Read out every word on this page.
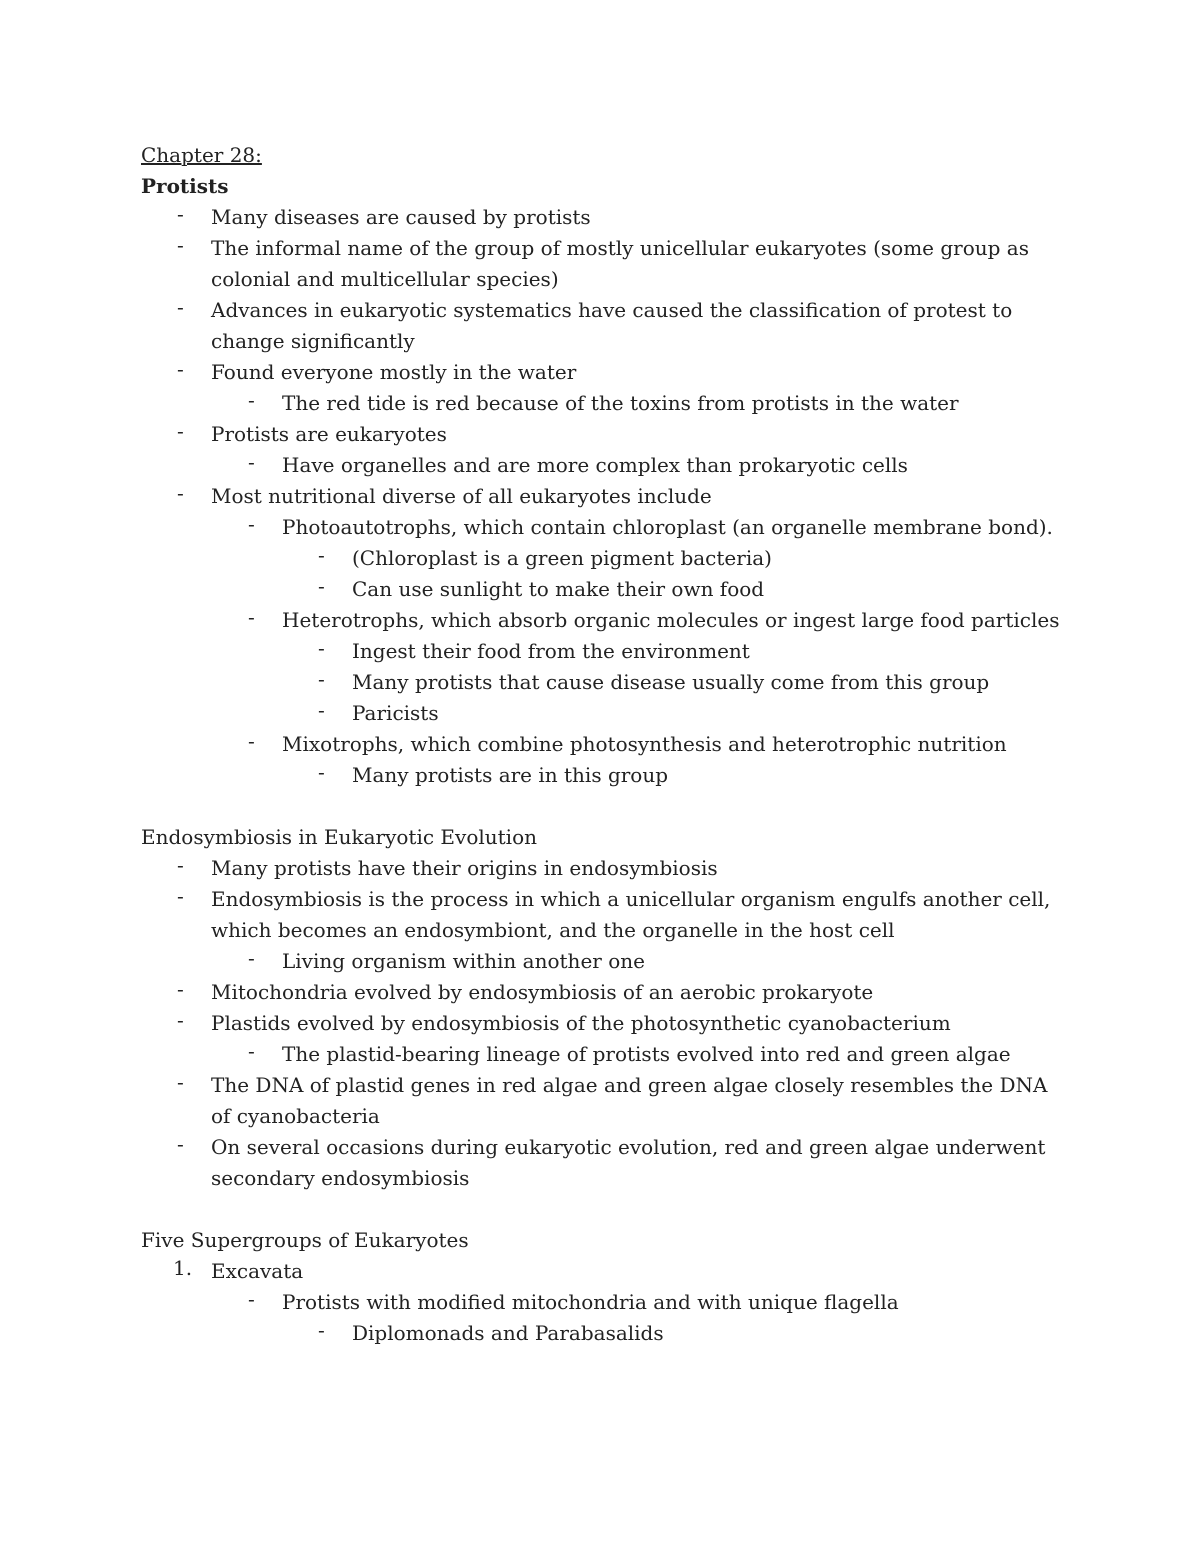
Chapter 28:
Protists
- Many diseases are caused by protists
- The informal name of the group of mostly unicellular eukaryotes (some group as colonial and multicellular species)
- Advances in eukaryotic systematics have caused the classification of protest to change significantly
- Found everyone mostly in the water
- The red tide is red because of the toxins from protists in the water
- Protists are eukaryotes
- Have organelles and are more complex than prokaryotic cells
- Most nutritional diverse of all eukaryotes include
- Photoautotrophs, which contain chloroplast (an organelle membrane bond).
- (Chloroplast is a green pigment bacteria)
- Can use sunlight to make their own food
- Heterotrophs, which absorb organic molecules or ingest large food particles
- Ingest their food from the environment
- Many protists that cause disease usually come from this group
- Paricists
- Mixotrophs, which combine photosynthesis and heterotrophic nutrition
- Many protists are in this group
Endosymbiosis in Eukaryotic Evolution
- Many protists have their origins in endosymbiosis
- Endosymbiosis is the process in which a unicellular organism engulfs another cell, which becomes an endosymbiont, and the organelle in the host cell
- Living organism within another one
- Mitochondria evolved by endosymbiosis of an aerobic prokaryote
- Plastids evolved by endosymbiosis of the photosynthetic cyanobacterium
- The plastid-bearing lineage of protists evolved into red and green algae
- The DNA of plastid genes in red algae and green algae closely resembles the DNA of cyanobacteria
- On several occasions during eukaryotic evolution, red and green algae underwent secondary endosymbiosis
Five Supergroups of Eukaryotes
1. Excavata
- Protists with modified mitochondria and with unique flagella
- Diplomonads and Parabasalids
